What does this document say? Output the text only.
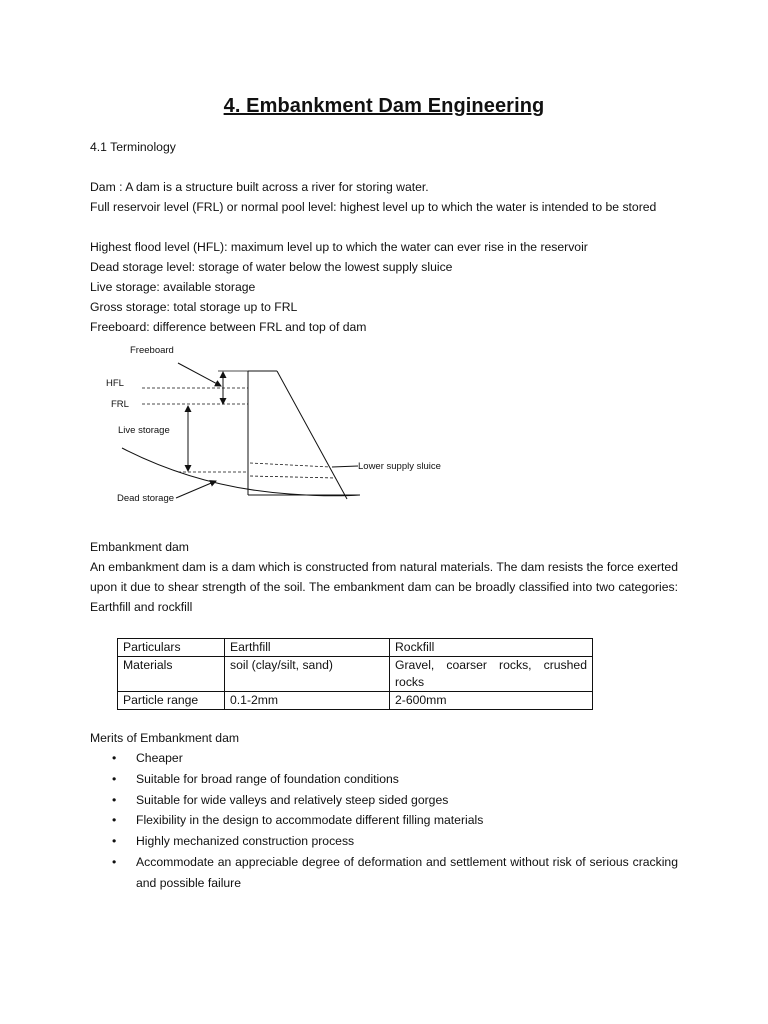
4. Embankment Dam Engineering
4.1 Terminology
Dam : A dam is a structure built across a river for storing water.
Full reservoir level (FRL) or normal pool level: highest level up to which the water is intended to be stored
Highest flood level (HFL): maximum level up to which the water can ever rise in the reservoir
Dead storage level: storage of water below the lowest supply sluice
Live storage: available storage
Gross storage: total storage up to FRL
Freeboard: difference between FRL and top of dam
Freeboard
HFL
FRL
Live storage
Lower supply sluice
Dead storage
Embankment dam
An embankment dam is a dam which is constructed from natural materials. The dam resists the force exerted upon it due to shear strength of the soil. The embankment dam can be broadly classified into two categories: Earthfill and rockfill
Particulars	Earthfill	Rockfill
Materials	soil (clay/silt, sand)	Gravel, coarser rocks, crushed rocks
Particle range	0.1-2mm	2-600mm
Merits of Embankment dam
• Cheaper
• Suitable for broad range of foundation conditions
• Suitable for wide valleys and relatively steep sided gorges
• Flexibility in the design to accommodate different filling materials
• Highly mechanized construction process
• Accommodate an appreciable degree of deformation and settlement without risk of serious cracking and possible failure
